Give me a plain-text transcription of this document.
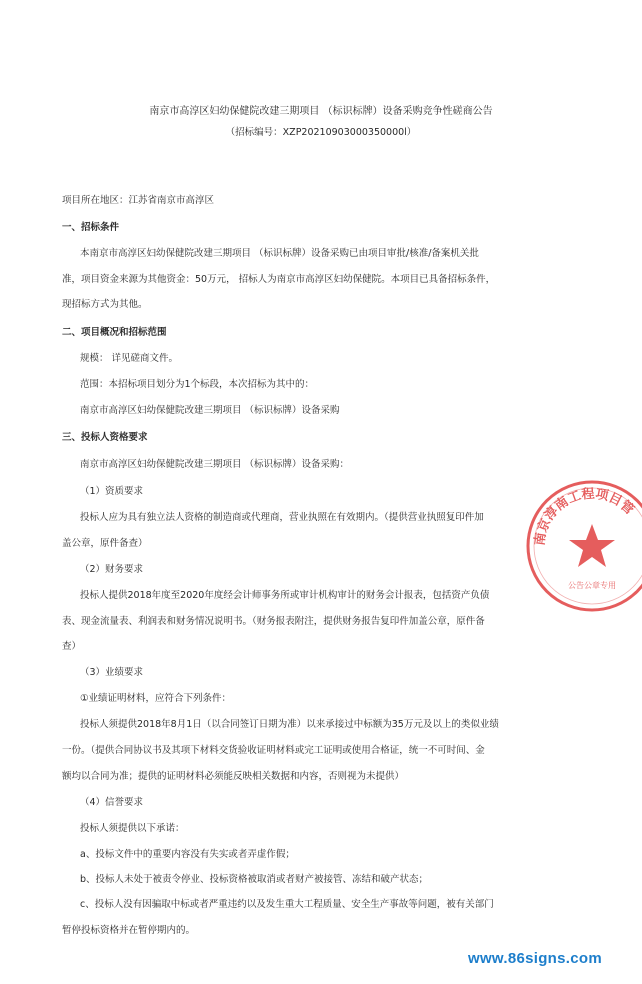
南京市高淳区妇幼保健院改建三期项目 （标识标牌）设备采购竞争性磋商公告
（招标编号：XZP20210903000350000l）
项目所在地区：江苏省南京市高淳区
一、招标条件
本南京市高淳区妇幼保健院改建三期项目 （标识标牌）设备采购已由项目审批/核准/备案机关批
准，项目资金来源为其他资金：50万元， 招标人为南京市高淳区妇幼保健院。本项目已具备招标条件，
现招标方式为其他。
二、项目概况和招标范围
规模： 详见磋商文件。
范围：本招标项目划分为1个标段，本次招标为其中的：
南京市高淳区妇幼保健院改建三期项目 （标识标牌）设备采购
三、投标人资格要求
南京市高淳区妇幼保健院改建三期项目 （标识标牌）设备采购：
（1）资质要求
投标人应为具有独立法人资格的制造商或代理商，营业执照在有效期内。（提供营业执照复印件加
盖公章，原件备查）
（2）财务要求
投标人提供2018年度至2020年度经会计师事务所或审计机构审计的财务会计报表，包括资产负债
表、现金流量表、利润表和财务情况说明书。（财务报表附注，提供财务报告复印件加盖公章，原件备
查）
（3）业绩要求
①业绩证明材料，应符合下列条件：
投标人须提供2018年8月1日（以合同签订日期为准）以来承接过中标额为35万元及以上的类似业绩
一份。（提供合同协议书及其项下材料交货验收证明材料或完工证明或使用合格证，统一不可时间、金
额均以合同为准；提供的证明材料必须能反映相关数据和内容，否则视为未提供）
（4）信誉要求
投标人须提供以下承诺：
a、投标文件中的重要内容没有失实或者弄虚作假；
b、投标人未处于被责令停业、投标资格被取消或者财产被接管、冻结和破产状态；
c、投标人没有因骗取中标或者严重违约以及发生重大工程质量、安全生产事故等问题，被有关部门
暂停投标资格并在暂停期内的。
南京淳南工程项目管
公告公章专用
www.86signs.com
